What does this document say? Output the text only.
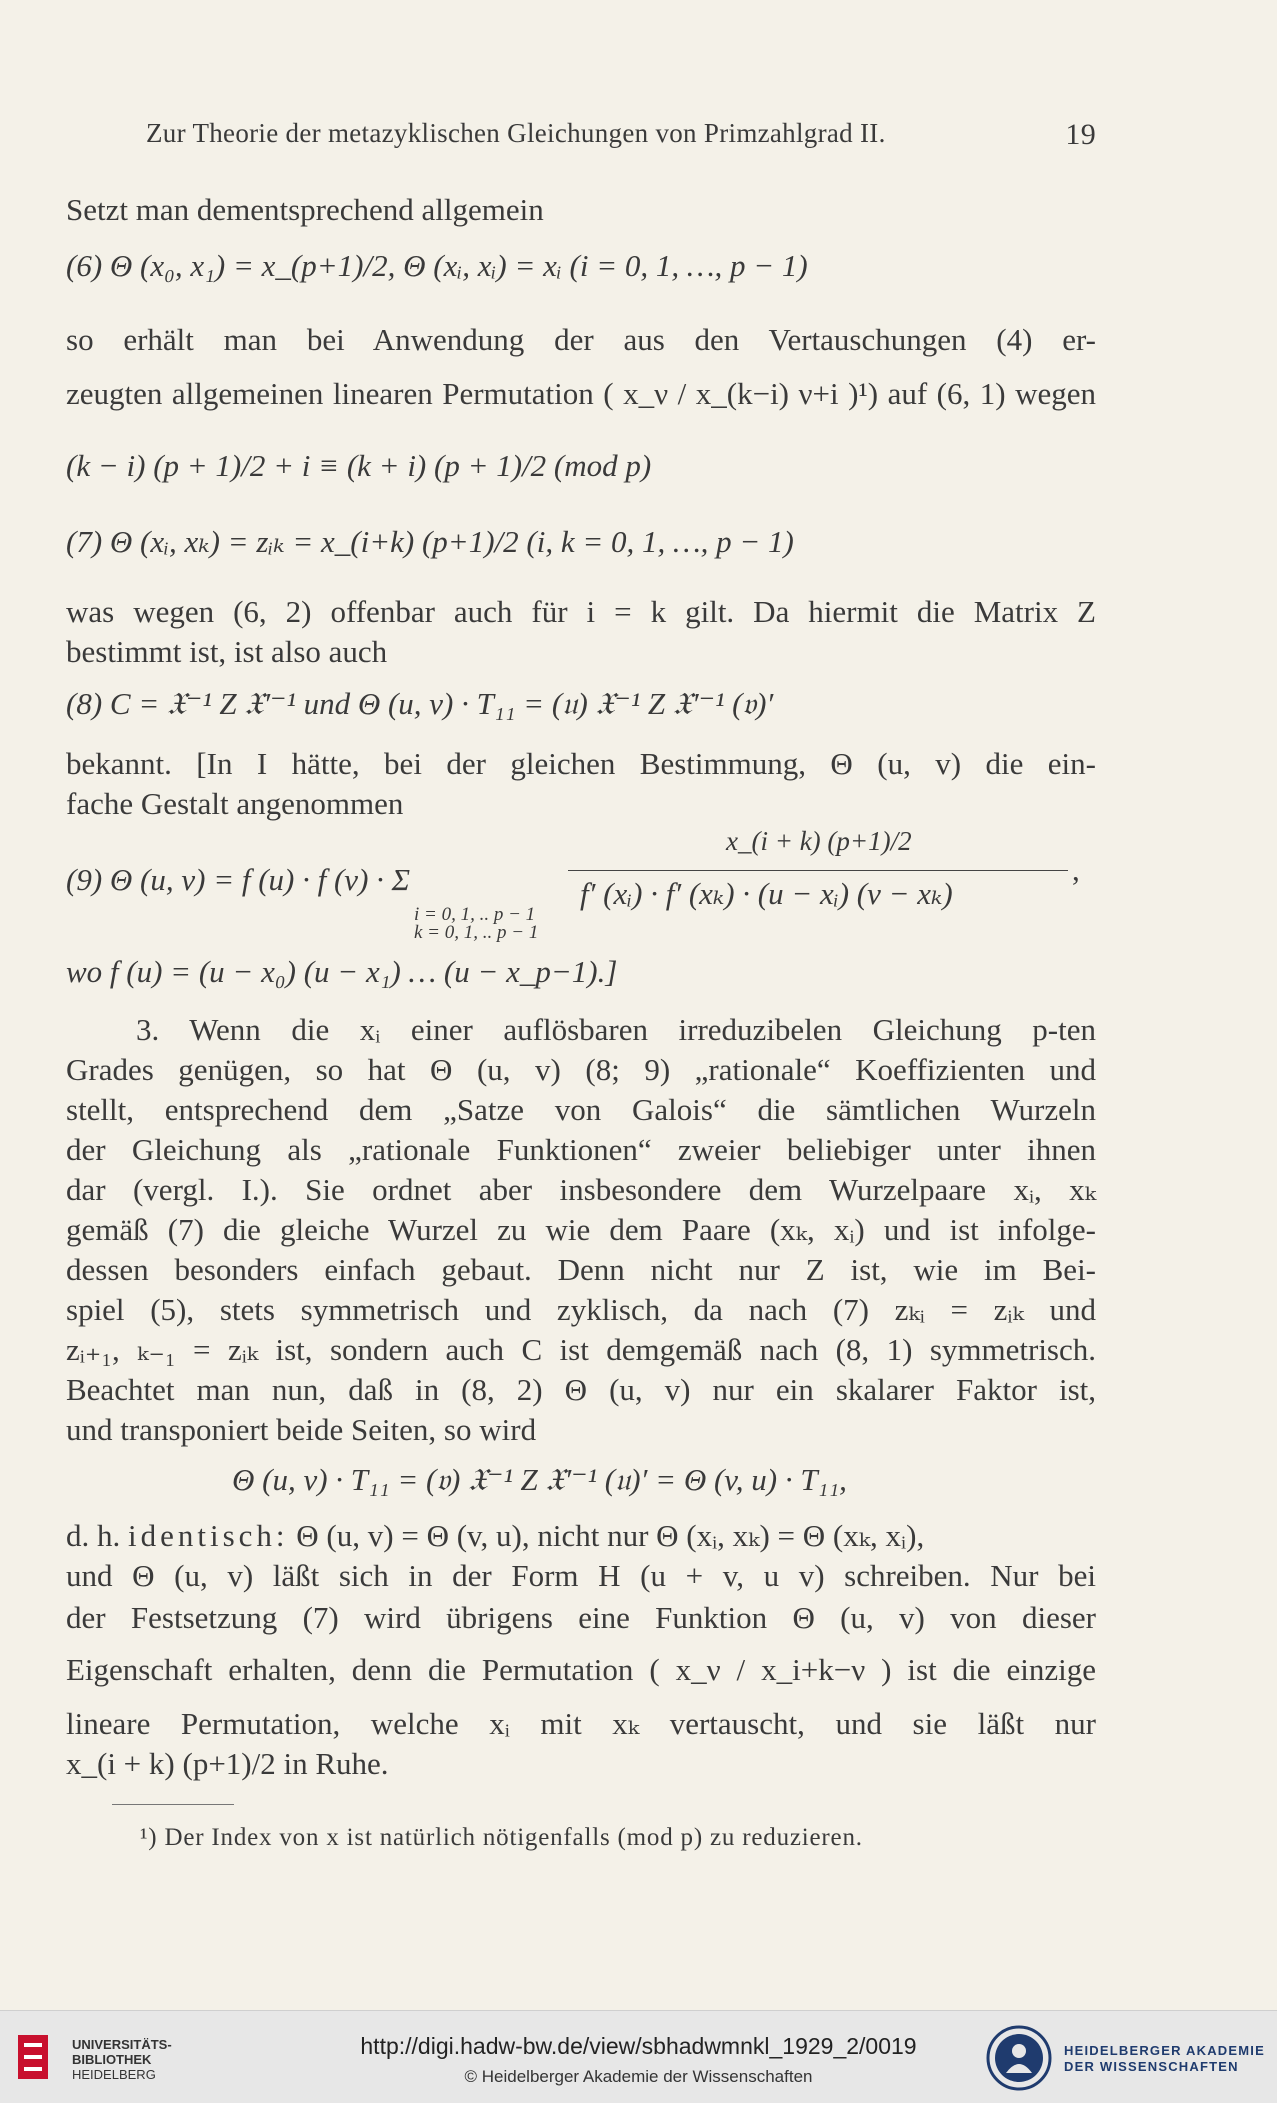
Zur Theorie der metazyklischen Gleichungen von Primzahlgrad II.	19
Setzt man dementsprechend allgemein
(6) Θ (x₀, x₁) = x_(p+1)/2, Θ (xᵢ, xᵢ) = xᵢ (i = 0, 1, …, p − 1)
so erhält man bei Anwendung der aus den Vertauschungen (4) er-
zeugten allgemeinen linearen Permutation ( x_ν / x_(k−i) ν+i )¹) auf (6, 1) wegen
(k − i) (p + 1)/2 + i ≡ (k + i) (p + 1)/2 (mod p)
(7) Θ (xᵢ, xₖ) = zᵢₖ = x_(i+k) (p+1)/2 (i, k = 0, 1, …, p − 1)
was wegen (6, 2) offenbar auch für i = k gilt. Da hiermit die Matrix Z
bestimmt ist, ist also auch
(8) C = 𝔛⁻¹ Z 𝔛′⁻¹ und Θ (u, v) · T₁₁ = (𝔲) 𝔛⁻¹ Z 𝔛′⁻¹ (𝔳)′
bekannt. [In I hätte, bei der gleichen Bestimmung, Θ (u, v) die ein-
fache Gestalt angenommen
x_(i + k) (p+1)/2
(9) Θ (u, v) = f (u) · f (v) · Σ	,
f′ (xᵢ) · f′ (xₖ) · (u − xᵢ) (v − xₖ)
i = 0, 1, .. p − 1
k = 0, 1, .. p − 1
wo f (u) = (u − x₀) (u − x₁) … (u − x_p−1).]
3. Wenn die xᵢ einer auflösbaren irreduzibelen Gleichung p-ten
Grades genügen, so hat Θ (u, v) (8; 9) „rationale“ Koeffizienten und
stellt, entsprechend dem „Satze von Galois“ die sämtlichen Wurzeln
der Gleichung als „rationale Funktionen“ zweier beliebiger unter ihnen
dar (vergl. I.). Sie ordnet aber insbesondere dem Wurzelpaare xᵢ, xₖ
gemäß (7) die gleiche Wurzel zu wie dem Paare (xₖ, xᵢ) und ist infolge-
dessen besonders einfach gebaut. Denn nicht nur Z ist, wie im Bei-
spiel (5), stets symmetrisch und zyklisch, da nach (7) zₖᵢ = zᵢₖ und
zᵢ₊₁, ₖ₋₁ = zᵢₖ ist, sondern auch C ist demgemäß nach (8, 1) symmetrisch.
Beachtet man nun, daß in (8, 2) Θ (u, v) nur ein skalarer Faktor ist,
und transponiert beide Seiten, so wird
Θ (u, v) · T₁₁ = (𝔳) 𝔛⁻¹ Z 𝔛′⁻¹ (𝔲)′ = Θ (v, u) · T₁₁,
d. h. identisch: Θ (u, v) = Θ (v, u), nicht nur Θ (xᵢ, xₖ) = Θ (xₖ, xᵢ),
und Θ (u, v) läßt sich in der Form H (u + v, u v) schreiben. Nur bei
der Festsetzung (7) wird übrigens eine Funktion Θ (u, v) von dieser
Eigenschaft erhalten, denn die Permutation ( x_ν / x_i+k−ν ) ist die einzige
lineare Permutation, welche xᵢ mit xₖ vertauscht, und sie läßt nur
x_(i + k) (p+1)/2 in Ruhe.
¹) Der Index von x ist natürlich nötigenfalls (mod p) zu reduzieren.
UNIVERSITÄTS-
BIBLIOTHEK
HEIDELBERG
http://digi.hadw-bw.de/view/sbhadwmnkl_1929_2/0019
© Heidelberger Akademie der Wissenschaften
HEIDELBERGER AKADEMIE
DER WISSENSCHAFTEN
